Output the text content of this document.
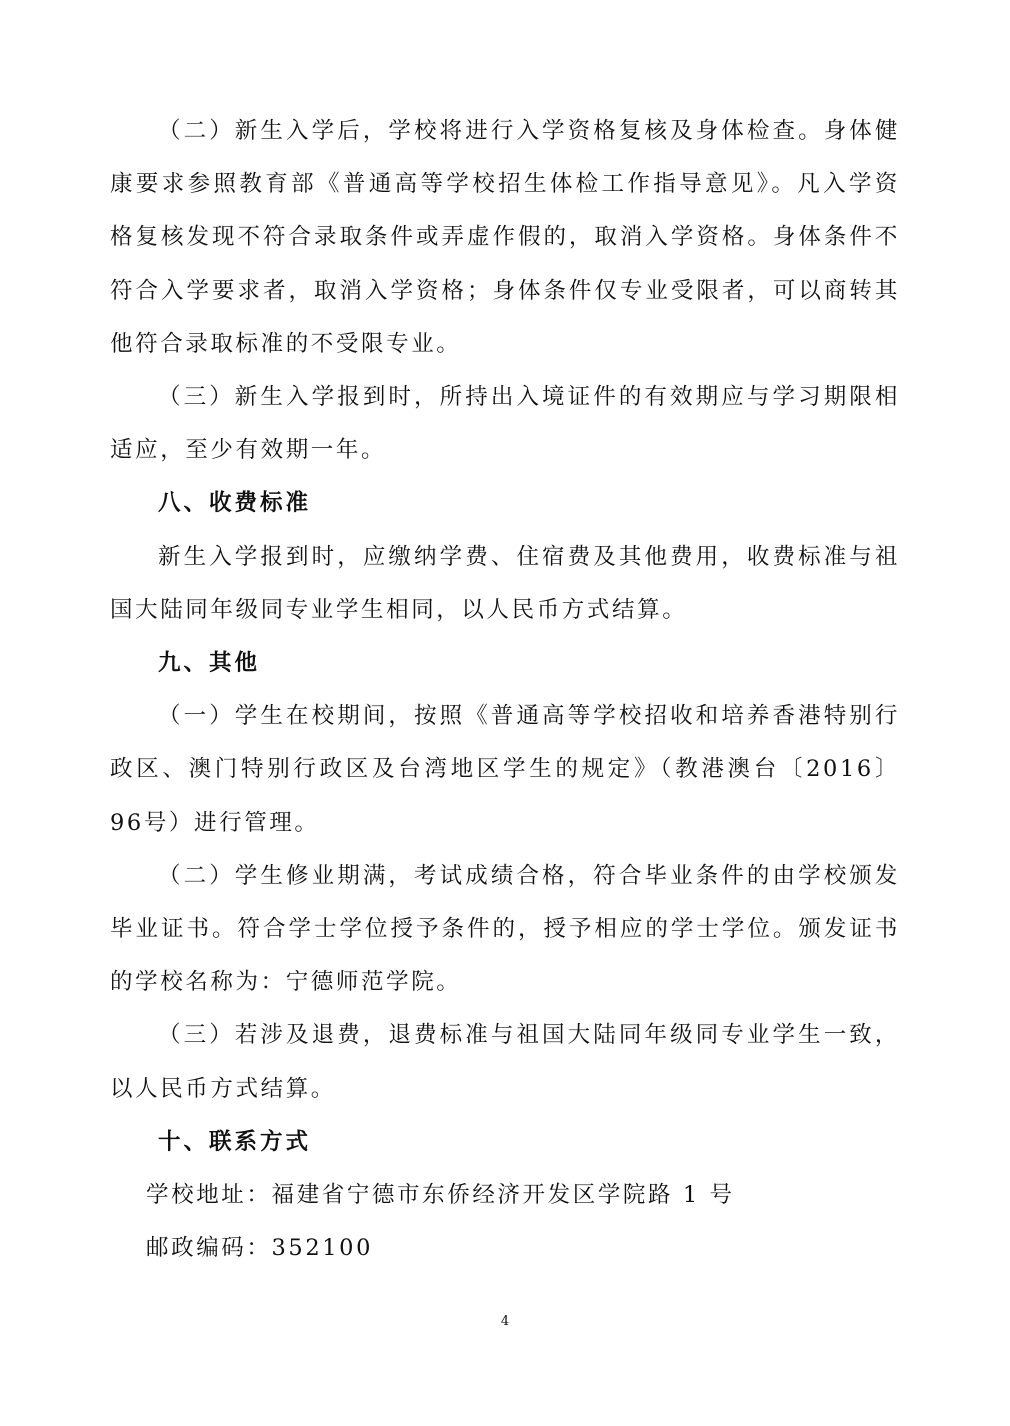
（二）新生入学后，学校将进行入学资格复核及身体检查。身体健康要求参照教育部《普通高等学校招生体检工作指导意见》。凡入学资格复核发现不符合录取条件或弄虚作假的，取消入学资格。身体条件不符合入学要求者，取消入学资格；身体条件仅专业受限者，可以商转其他符合录取标准的不受限专业。

（三）新生入学报到时，所持出入境证件的有效期应与学习期限相适应，至少有效期一年。

八、收费标准

新生入学报到时，应缴纳学费、住宿费及其他费用，收费标准与祖国大陆同年级同专业学生相同，以人民币方式结算。

九、其他

（一）学生在校期间，按照《普通高等学校招收和培养香港特别行政区、澳门特别行政区及台湾地区学生的规定》（教港澳台〔2016〕96号）进行管理。

（二）学生修业期满，考试成绩合格，符合毕业条件的由学校颁发毕业证书。符合学士学位授予条件的，授予相应的学士学位。颁发证书的学校名称为：宁德师范学院。

（三）若涉及退费，退费标准与祖国大陆同年级同专业学生一致，以人民币方式结算。

十、联系方式

学校地址：福建省宁德市东侨经济开发区学院路 1 号

邮政编码：352100

4
